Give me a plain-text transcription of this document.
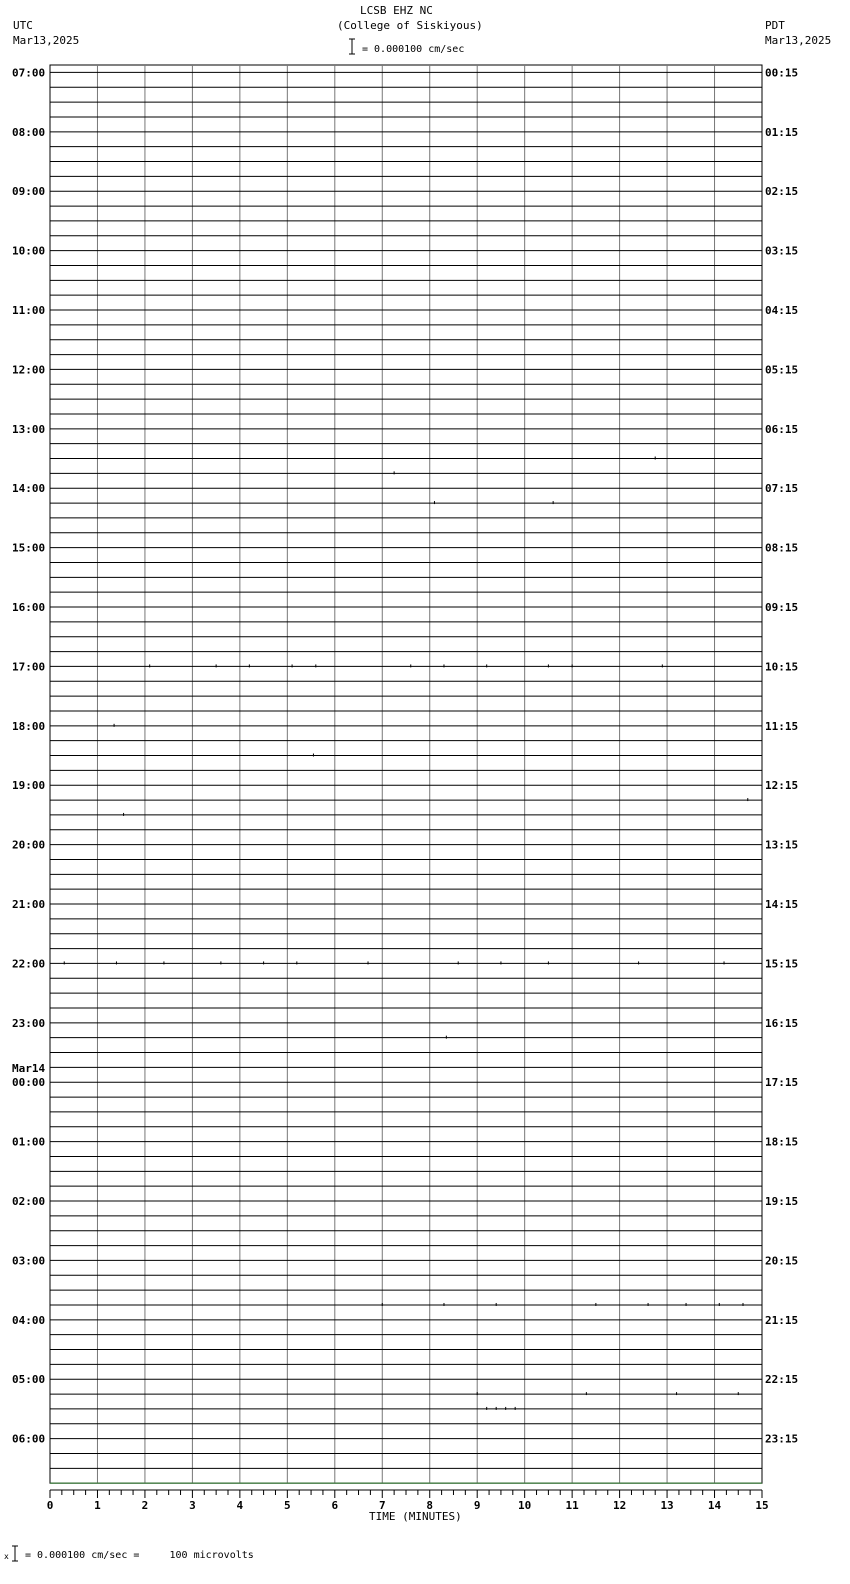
LCSB EHZ NC
(College of Siskiyous)
UTC
Mar13,2025
PDT
Mar13,2025
= 0.000100 cm/sec
07:00
08:00
09:00
10:00
11:00
12:00
13:00
14:00
15:00
16:00
17:00
18:00
19:00
20:00
21:00
22:00
23:00
00:00
Mar14
01:00
02:00
03:00
04:00
05:00
06:00
00:15
01:15
02:15
03:15
04:15
05:15
06:15
07:15
08:15
09:15
10:15
11:15
12:15
13:15
14:15
15:15
16:15
17:15
18:15
19:15
20:15
21:15
22:15
23:15
0	1	2	3	4	5	6	7	8	9	10	11	12	13	14	15
TIME (MINUTES)
x = 0.000100 cm/sec =     100 microvolts
